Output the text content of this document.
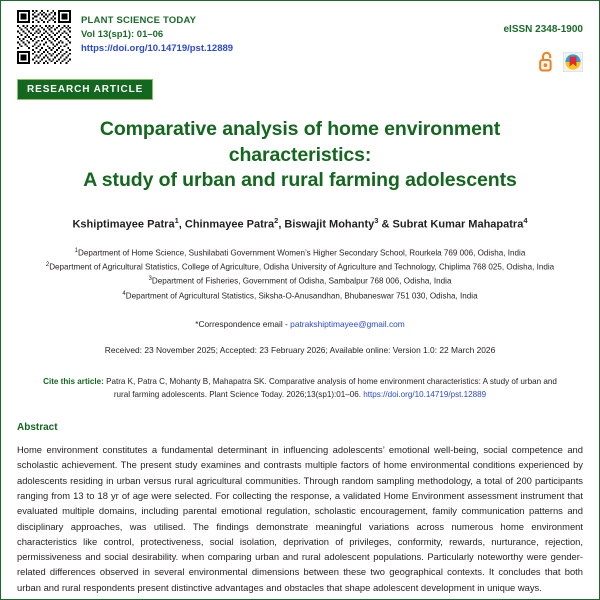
PLANT SCIENCE TODAY
Vol 13(sp1): 01–06
https://doi.org/10.14719/pst.12889
eISSN 2348-1900
RESEARCH ARTICLE
Comparative analysis of home environment characteristics:
A study of urban and rural farming adolescents
Kshiptimayee Patra$^1$, Chinmayee Patra$^2$, Biswajit Mohanty$^3$ & Subrat Kumar Mahapatra$^4$
$^1$Department of Home Science, Sushilabati Government Women’s Higher Secondary School, Rourkela 769 006, Odisha, India
$^2$Department of Agricultural Statistics, College of Agriculture, Odisha University of Agriculture and Technology, Chiplima 768 025, Odisha, India
$^3$Department of Fisheries, Government of Odisha, Sambalpur 768 006, Odisha, India
$^4$Department of Agricultural Statistics, Siksha-O-Anusandhan, Bhubaneswar 751 030, Odisha, India
*Correspondence email - patrakshiptimayee@gmail.com
Received: 23 November 2025; Accepted: 23 February 2026; Available online: Version 1.0: 22 March 2026
Cite this article: Patra K, Patra C, Mohanty B, Mahapatra SK. Comparative analysis of home environment characteristics: A study of urban and rural farming adolescents. Plant Science Today. 2026;13(sp1):01–06. https://doi.org/10.14719/pst.12889
Abstract
Home environment constitutes a fundamental determinant in influencing adolescents’ emotional well-being, social competence and scholastic achievement. The present study examines and contrasts multiple factors of home environmental conditions experienced by adolescents residing in urban versus rural agricultural communities. Through random sampling methodology, a total of 200 participants ranging from 13 to 18 yr of age were selected. For collecting the response, a validated Home Environment assessment instrument that evaluated multiple domains, including parental emotional regulation, scholastic encouragement, family communication patterns and disciplinary approaches, was utilised. The findings demonstrate meaningful variations across numerous home environment characteristics like control, protectiveness, social isolation, deprivation of privileges, conformity, rewards, nurturance, rejection, permissiveness and social desirability. when comparing urban and rural adolescent populations. Particularly noteworthy were gender-related differences observed in several environmental dimensions between these two geographical contexts. It concludes that both urban and rural respondents present distinctive advantages and obstacles that shape adolescent development in unique ways.
